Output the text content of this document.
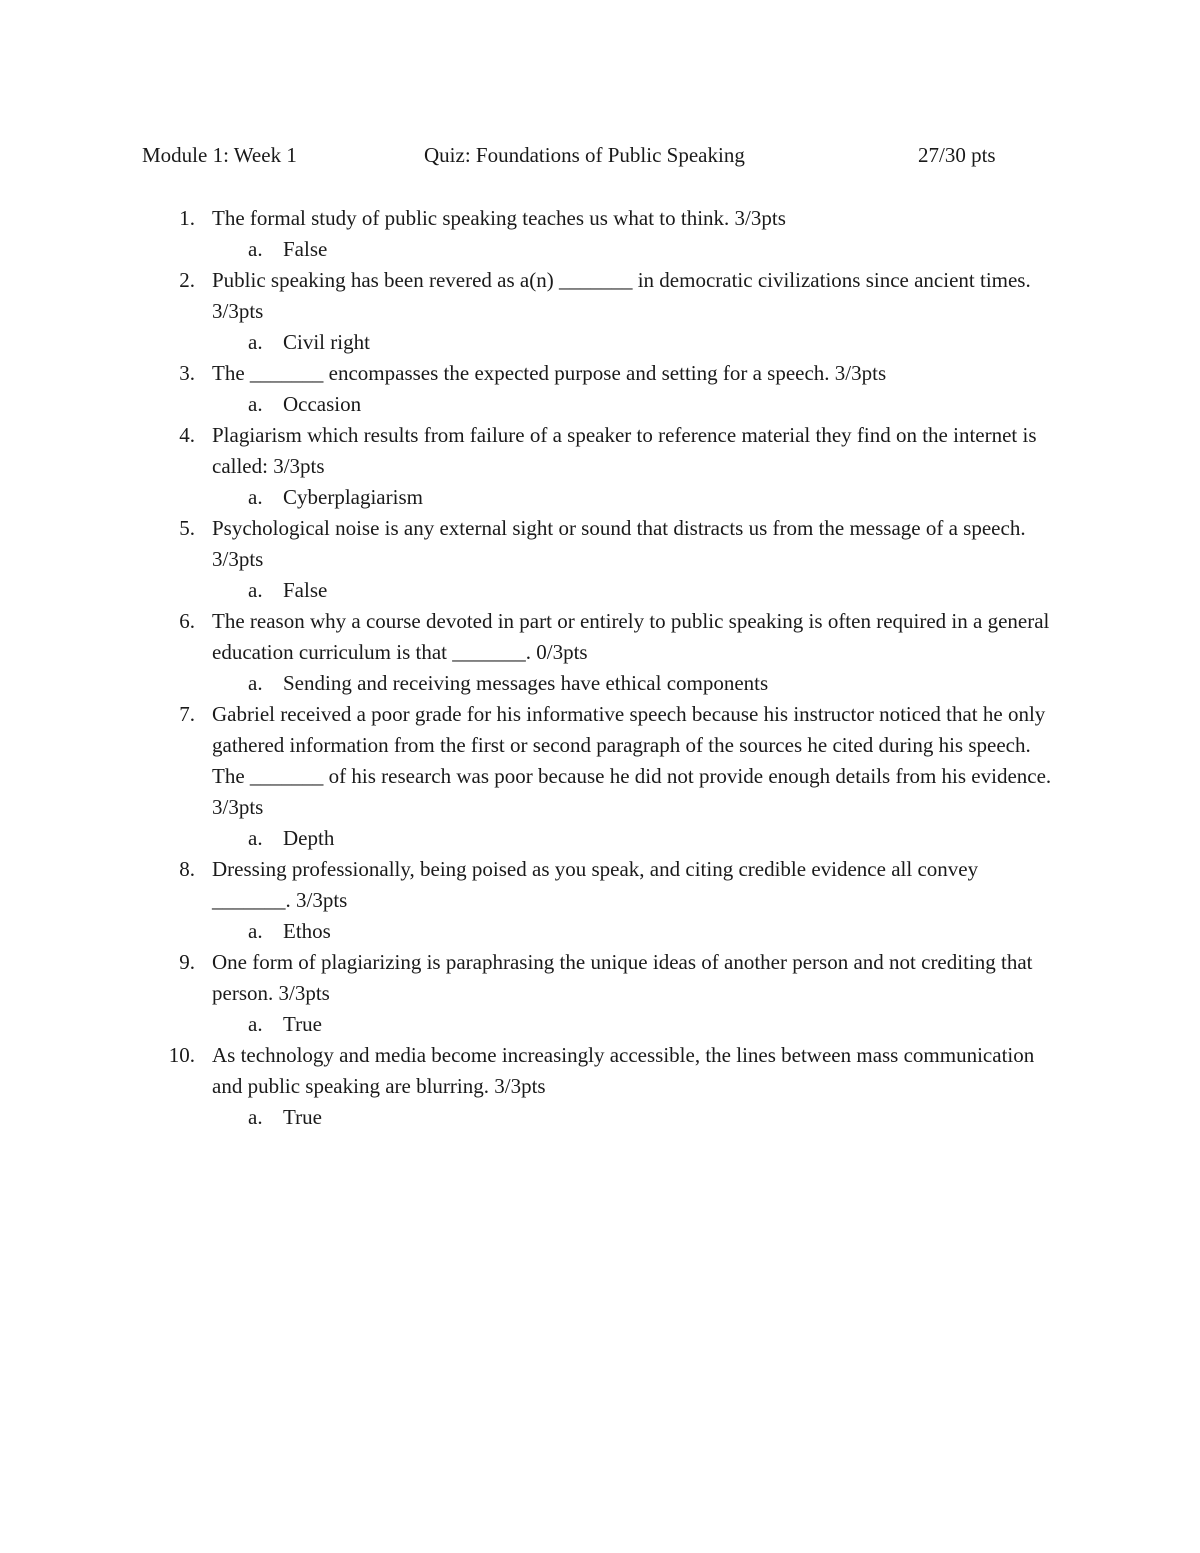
Module 1: Week 1	Quiz: Foundations of Public Speaking	27/30 pts
1. The formal study of public speaking teaches us what to think. 3/3pts
a. False
2. Public speaking has been revered as a(n) _______ in democratic civilizations since ancient times. 3/3pts
a. Civil right
3. The _______ encompasses the expected purpose and setting for a speech. 3/3pts
a. Occasion
4. Plagiarism which results from failure of a speaker to reference material they find on the internet is called: 3/3pts
a. Cyberplagiarism
5. Psychological noise is any external sight or sound that distracts us from the message of a speech. 3/3pts
a. False
6. The reason why a course devoted in part or entirely to public speaking is often required in a general education curriculum is that _______. 0/3pts
a. Sending and receiving messages have ethical components
7. Gabriel received a poor grade for his informative speech because his instructor noticed that he only gathered information from the first or second paragraph of the sources he cited during his speech. The _______ of his research was poor because he did not provide enough details from his evidence. 3/3pts
a. Depth
8. Dressing professionally, being poised as you speak, and citing credible evidence all convey _______. 3/3pts
a. Ethos
9. One form of plagiarizing is paraphrasing the unique ideas of another person and not crediting that person. 3/3pts
a. True
10. As technology and media become increasingly accessible, the lines between mass communication and public speaking are blurring. 3/3pts
a. True
